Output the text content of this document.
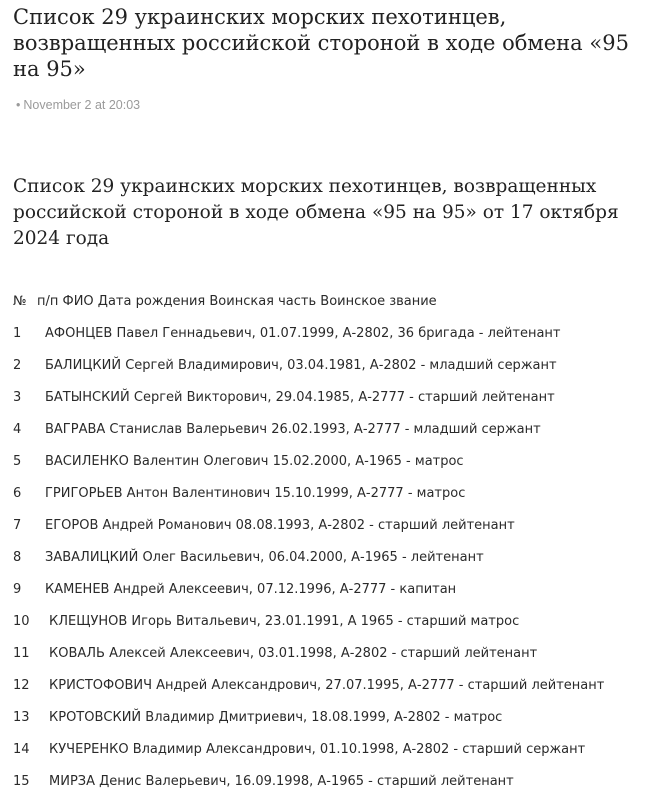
Список 29 украинских морских пехотинцев, возвращенных российской стороной в ходе обмена «95 на 95»
• November 2 at 20:03
Список 29 украинских морских пехотинцев, возвращенных российской стороной в ходе обмена «95 на 95» от 17 октября 2024 года
№ п/п ФИО Дата рождения Воинская часть Воинское звание
1	АФОНЦЕВ Павел Геннадьевич, 01.07.1999, А-2802, 36 бригада - лейтенант
2	БАЛИЦКИЙ Сергей Владимирович, 03.04.1981, А-2802 - младший сержант
3	БАТЫНСКИЙ Сергей Викторович, 29.04.1985, А-2777 - старший лейтенант
4	ВАГРАВА Станислав Валерьевич 26.02.1993, А-2777 - младший сержант
5	ВАСИЛЕНКО Валентин Олегович 15.02.2000, А-1965 - матрос
6	ГРИГОРЬЕВ Антон Валентинович 15.10.1999, А-2777 - матрос
7	ЕГОРОВ Андрей Романович 08.08.1993, А-2802 - старший лейтенант
8	ЗАВАЛИЦКИЙ Олег Васильевич, 06.04.2000, А-1965 - лейтенант
9	КАМЕНЕВ Андрей Алексеевич, 07.12.1996, А-2777 - капитан
10	КЛЕЩУНОВ Игорь Витальевич, 23.01.1991, А 1965 - старший матрос
11	КОВАЛЬ Алексей Алексеевич, 03.01.1998, А-2802 - старший лейтенант
12	КРИСТОФОВИЧ Андрей Александрович, 27.07.1995, А-2777 - старший лейтенант
13	КРОТОВСКИЙ Владимир Дмитриевич, 18.08.1999, А-2802 - матрос
14	КУЧЕРЕНКО Владимир Александрович, 01.10.1998, А-2802 - старший сержант
15	МИРЗА Денис Валерьевич, 16.09.1998, А-1965 - старший лейтенант
